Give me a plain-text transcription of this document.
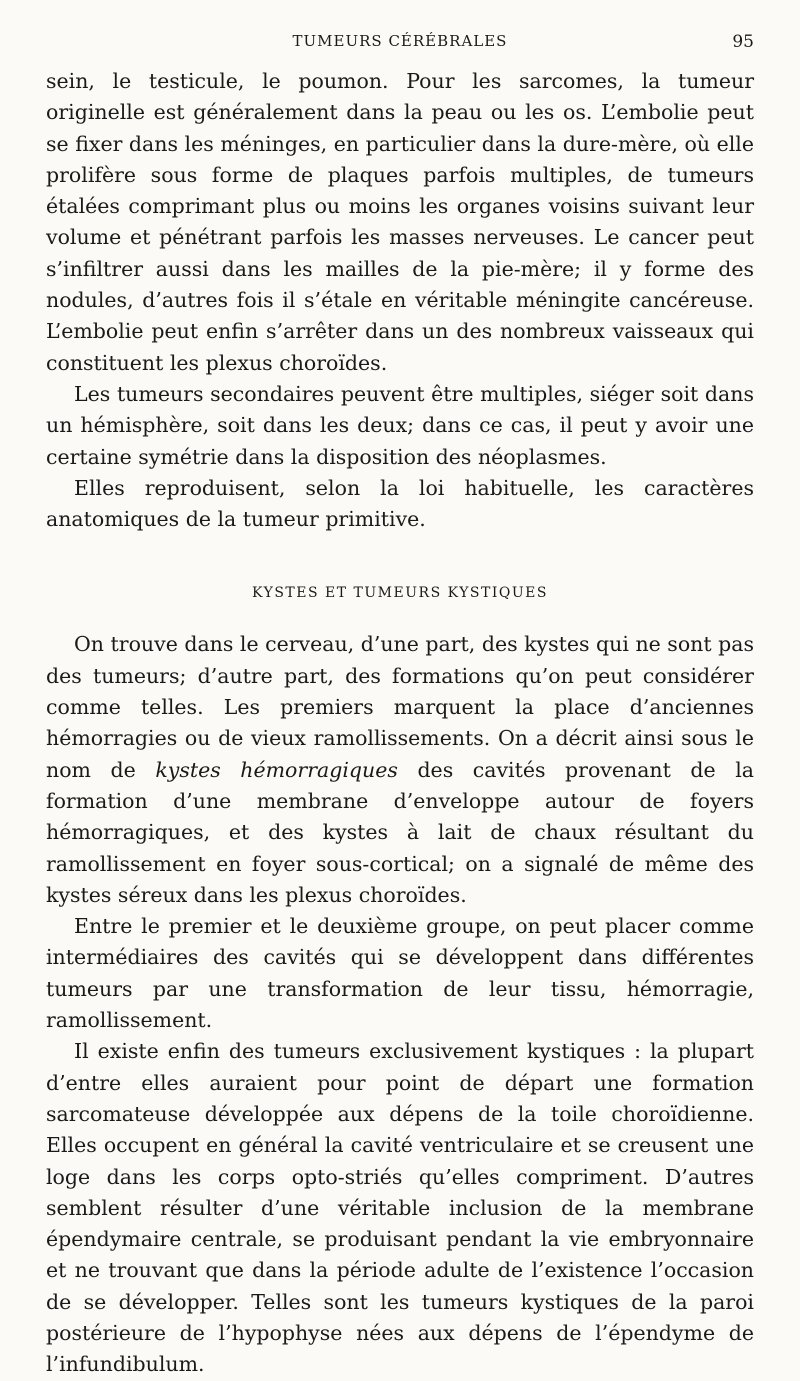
TUMEURS CÉRÉBRALES	95

sein, le testicule, le poumon. Pour les sarcomes, la tumeur originelle est généralement dans la peau ou les os. L’embolie peut se fixer dans les méninges, en particulier dans la dure-mère, où elle prolifère sous forme de plaques parfois multiples, de tumeurs étalées comprimant plus ou moins les organes voisins suivant leur volume et pénétrant parfois les masses nerveuses. Le cancer peut s’infiltrer aussi dans les mailles de la pie-mère; il y forme des nodules, d’autres fois il s’étale en véritable méningite cancéreuse. L’embolie peut enfin s’arrêter dans un des nombreux vaisseaux qui constituent les plexus choroïdes.

Les tumeurs secondaires peuvent être multiples, siéger soit dans un hémisphère, soit dans les deux; dans ce cas, il peut y avoir une certaine symétrie dans la disposition des néoplasmes.

Elles reproduisent, selon la loi habituelle, les caractères anatomiques de la tumeur primitive.

KYSTES ET TUMEURS KYSTIQUES

On trouve dans le cerveau, d’une part, des kystes qui ne sont pas des tumeurs; d’autre part, des formations qu’on peut considérer comme telles. Les premiers marquent la place d’anciennes hémorragies ou de vieux ramollissements. On a décrit ainsi sous le nom de kystes hémorragiques des cavités provenant de la formation d’une membrane d’enveloppe autour de foyers hémorragiques, et des kystes à lait de chaux résultant du ramollissement en foyer sous-cortical; on a signalé de même des kystes séreux dans les plexus choroïdes.

Entre le premier et le deuxième groupe, on peut placer comme intermédiaires des cavités qui se développent dans différentes tumeurs par une transformation de leur tissu, hémorragie, ramollissement.

Il existe enfin des tumeurs exclusivement kystiques : la plupart d’entre elles auraient pour point de départ une formation sarcomateuse développée aux dépens de la toile choroïdienne. Elles occupent en général la cavité ventriculaire et se creusent une loge dans les corps opto-striés qu’elles compriment. D’autres semblent résulter d’une véritable inclusion de la membrane épendymaire centrale, se produisant pendant la vie embryonnaire et ne trouvant que dans la période adulte de l’existence l’occasion de se développer. Telles sont les tumeurs kystiques de la paroi postérieure de l’hypophyse nées aux dépens de l’épendyme de l’infundibulum.
